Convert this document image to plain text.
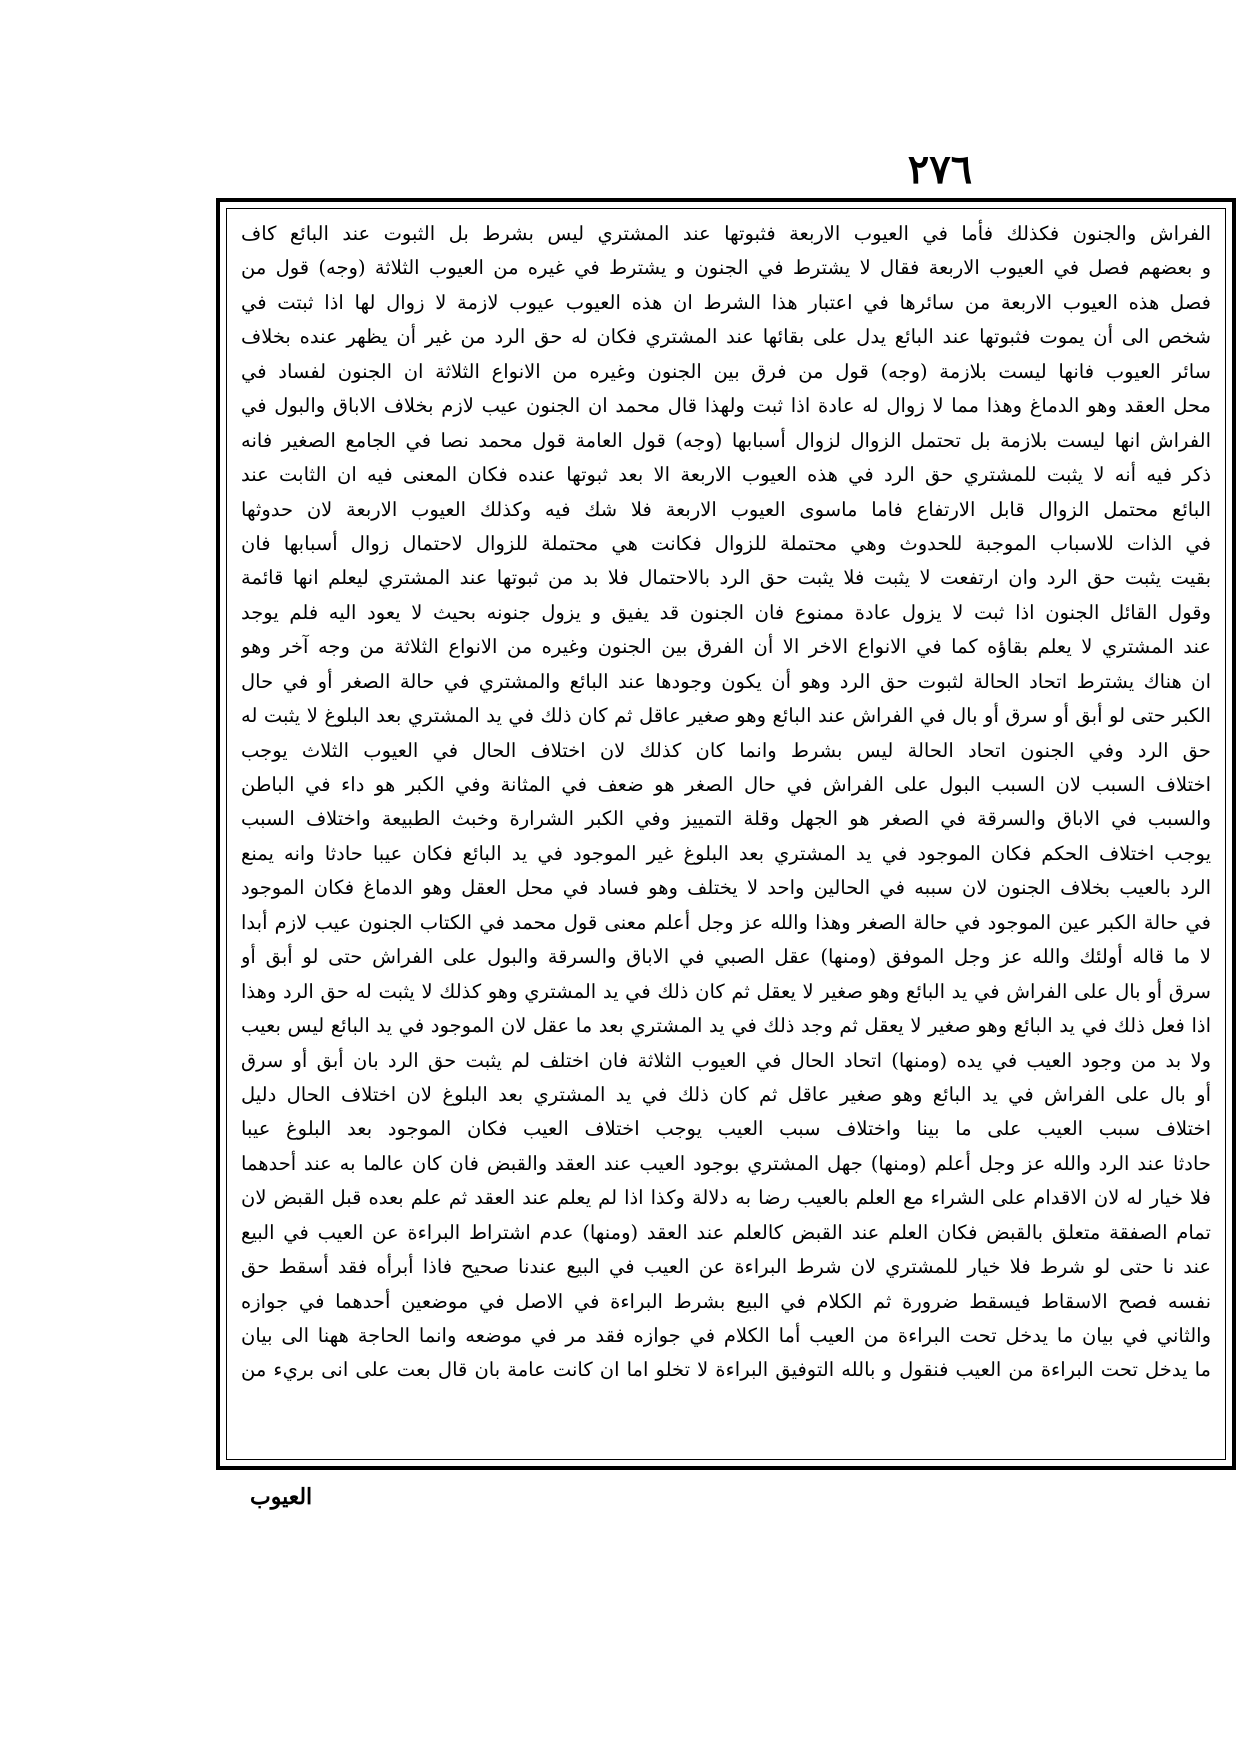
٢٧٦
الفراش والجنون فكذلك فأما في العيوب الاربعة فثبوتها عند المشتري ليس بشرط بل الثبوت عند البائع كاف
و بعضهم فصل في العيوب الاربعة فقال لا يشترط في الجنون و يشترط في غيره من العيوب الثلاثة (وجه) قول من
فصل هذه العيوب الاربعة من سائرها في اعتبار هذا الشرط ان هذه العيوب عيوب لازمة لا زوال لها اذا ثبتت في
شخص الى أن يموت فثبوتها عند البائع يدل على بقائها عند المشتري فكان له حق الرد من غير أن يظهر عنده بخلاف
سائر العيوب فانها ليست بلازمة (وجه) قول من فرق بين الجنون وغيره من الانواع الثلاثة ان الجنون لفساد في
محل العقد وهو الدماغ وهذا مما لا زوال له عادة اذا ثبت ولهذا قال محمد ان الجنون عيب لازم بخلاف الاباق والبول في
الفراش انها ليست بلازمة بل تحتمل الزوال لزوال أسبابها (وجه) قول العامة قول محمد نصا في الجامع الصغير فانه
ذكر فيه أنه لا يثبت للمشتري حق الرد في هذه العيوب الاربعة الا بعد ثبوتها عنده فكان المعنى فيه ان الثابت عند
البائع محتمل الزوال قابل الارتفاع فاما ماسوى العيوب الاربعة فلا شك فيه وكذلك العيوب الاربعة لان حدوثها
في الذات للاسباب الموجبة للحدوث وهي محتملة للزوال فكانت هي محتملة للزوال لاحتمال زوال أسبابها فان
بقيت يثبت حق الرد وان ارتفعت لا يثبت فلا يثبت حق الرد بالاحتمال فلا بد من ثبوتها عند المشتري ليعلم انها قائمة
وقول القائل الجنون اذا ثبت لا يزول عادة ممنوع فان الجنون قد يفيق و يزول جنونه بحيث لا يعود اليه فلم يوجد
عند المشتري لا يعلم بقاؤه كما في الانواع الاخر الا أن الفرق بين الجنون وغيره من الانواع الثلاثة من وجه آخر وهو
ان هناك يشترط اتحاد الحالة لثبوت حق الرد وهو أن يكون وجودها عند البائع والمشتري في حالة الصغر أو في حال
الكبر حتى لو أبق أو سرق أو بال في الفراش عند البائع وهو صغير عاقل ثم كان ذلك في يد المشتري بعد البلوغ لا يثبت له
حق الرد وفي الجنون اتحاد الحالة ليس بشرط وانما كان كذلك لان اختلاف الحال في العيوب الثلاث يوجب
اختلاف السبب لان السبب البول على الفراش في حال الصغر هو ضعف في المثانة وفي الكبر هو داء في الباطن
والسبب في الاباق والسرقة في الصغر هو الجهل وقلة التمييز وفي الكبر الشرارة وخبث الطبيعة واختلاف السبب
يوجب اختلاف الحكم فكان الموجود في يد المشتري بعد البلوغ غير الموجود في يد البائع فكان عيبا حادثا وانه يمنع
الرد بالعيب بخلاف الجنون لان سببه في الحالين واحد لا يختلف وهو فساد في محل العقل وهو الدماغ فكان الموجود
في حالة الكبر عين الموجود في حالة الصغر وهذا والله عز وجل أعلم معنى قول محمد في الكتاب الجنون عيب لازم أبدا
لا ما قاله أولئك والله عز وجل الموفق (ومنها) عقل الصبي في الاباق والسرقة والبول على الفراش حتى لو أبق أو
سرق أو بال على الفراش في يد البائع وهو صغير لا يعقل ثم كان ذلك في يد المشتري وهو كذلك لا يثبت له حق الرد وهذا
اذا فعل ذلك في يد البائع وهو صغير لا يعقل ثم وجد ذلك في يد المشتري بعد ما عقل لان الموجود في يد البائع ليس بعيب
ولا بد من وجود العيب في يده (ومنها) اتحاد الحال في العيوب الثلاثة فان اختلف لم يثبت حق الرد بان أبق أو سرق
أو بال على الفراش في يد البائع وهو صغير عاقل ثم كان ذلك في يد المشتري بعد البلوغ لان اختلاف الحال دليل
اختلاف سبب العيب على ما بينا واختلاف سبب العيب يوجب اختلاف العيب فكان الموجود بعد البلوغ عيبا
حادثا عند الرد والله عز وجل أعلم (ومنها) جهل المشتري بوجود العيب عند العقد والقبض فان كان عالما به عند أحدهما
فلا خيار له لان الاقدام على الشراء مع العلم بالعيب رضا به دلالة وكذا اذا لم يعلم عند العقد ثم علم بعده قبل القبض لان
تمام الصفقة متعلق بالقبض فكان العلم عند القبض كالعلم عند العقد (ومنها) عدم اشتراط البراءة عن العيب في البيع
عند نا حتى لو شرط فلا خيار للمشتري لان شرط البراءة عن العيب في البيع عندنا صحيح فاذا أبرأه فقد أسقط حق
نفسه فصح الاسقاط فيسقط ضرورة ثم الكلام في البيع بشرط البراءة في الاصل في موضعين أحدهما في جوازه
والثاني في بيان ما يدخل تحت البراءة من العيب أما الكلام في جوازه فقد مر في موضعه وانما الحاجة ههنا الى بيان
ما يدخل تحت البراءة من العيب فنقول و بالله التوفيق البراءة لا تخلو اما ان كانت عامة بان قال بعت على انى بريء من
العيوب
